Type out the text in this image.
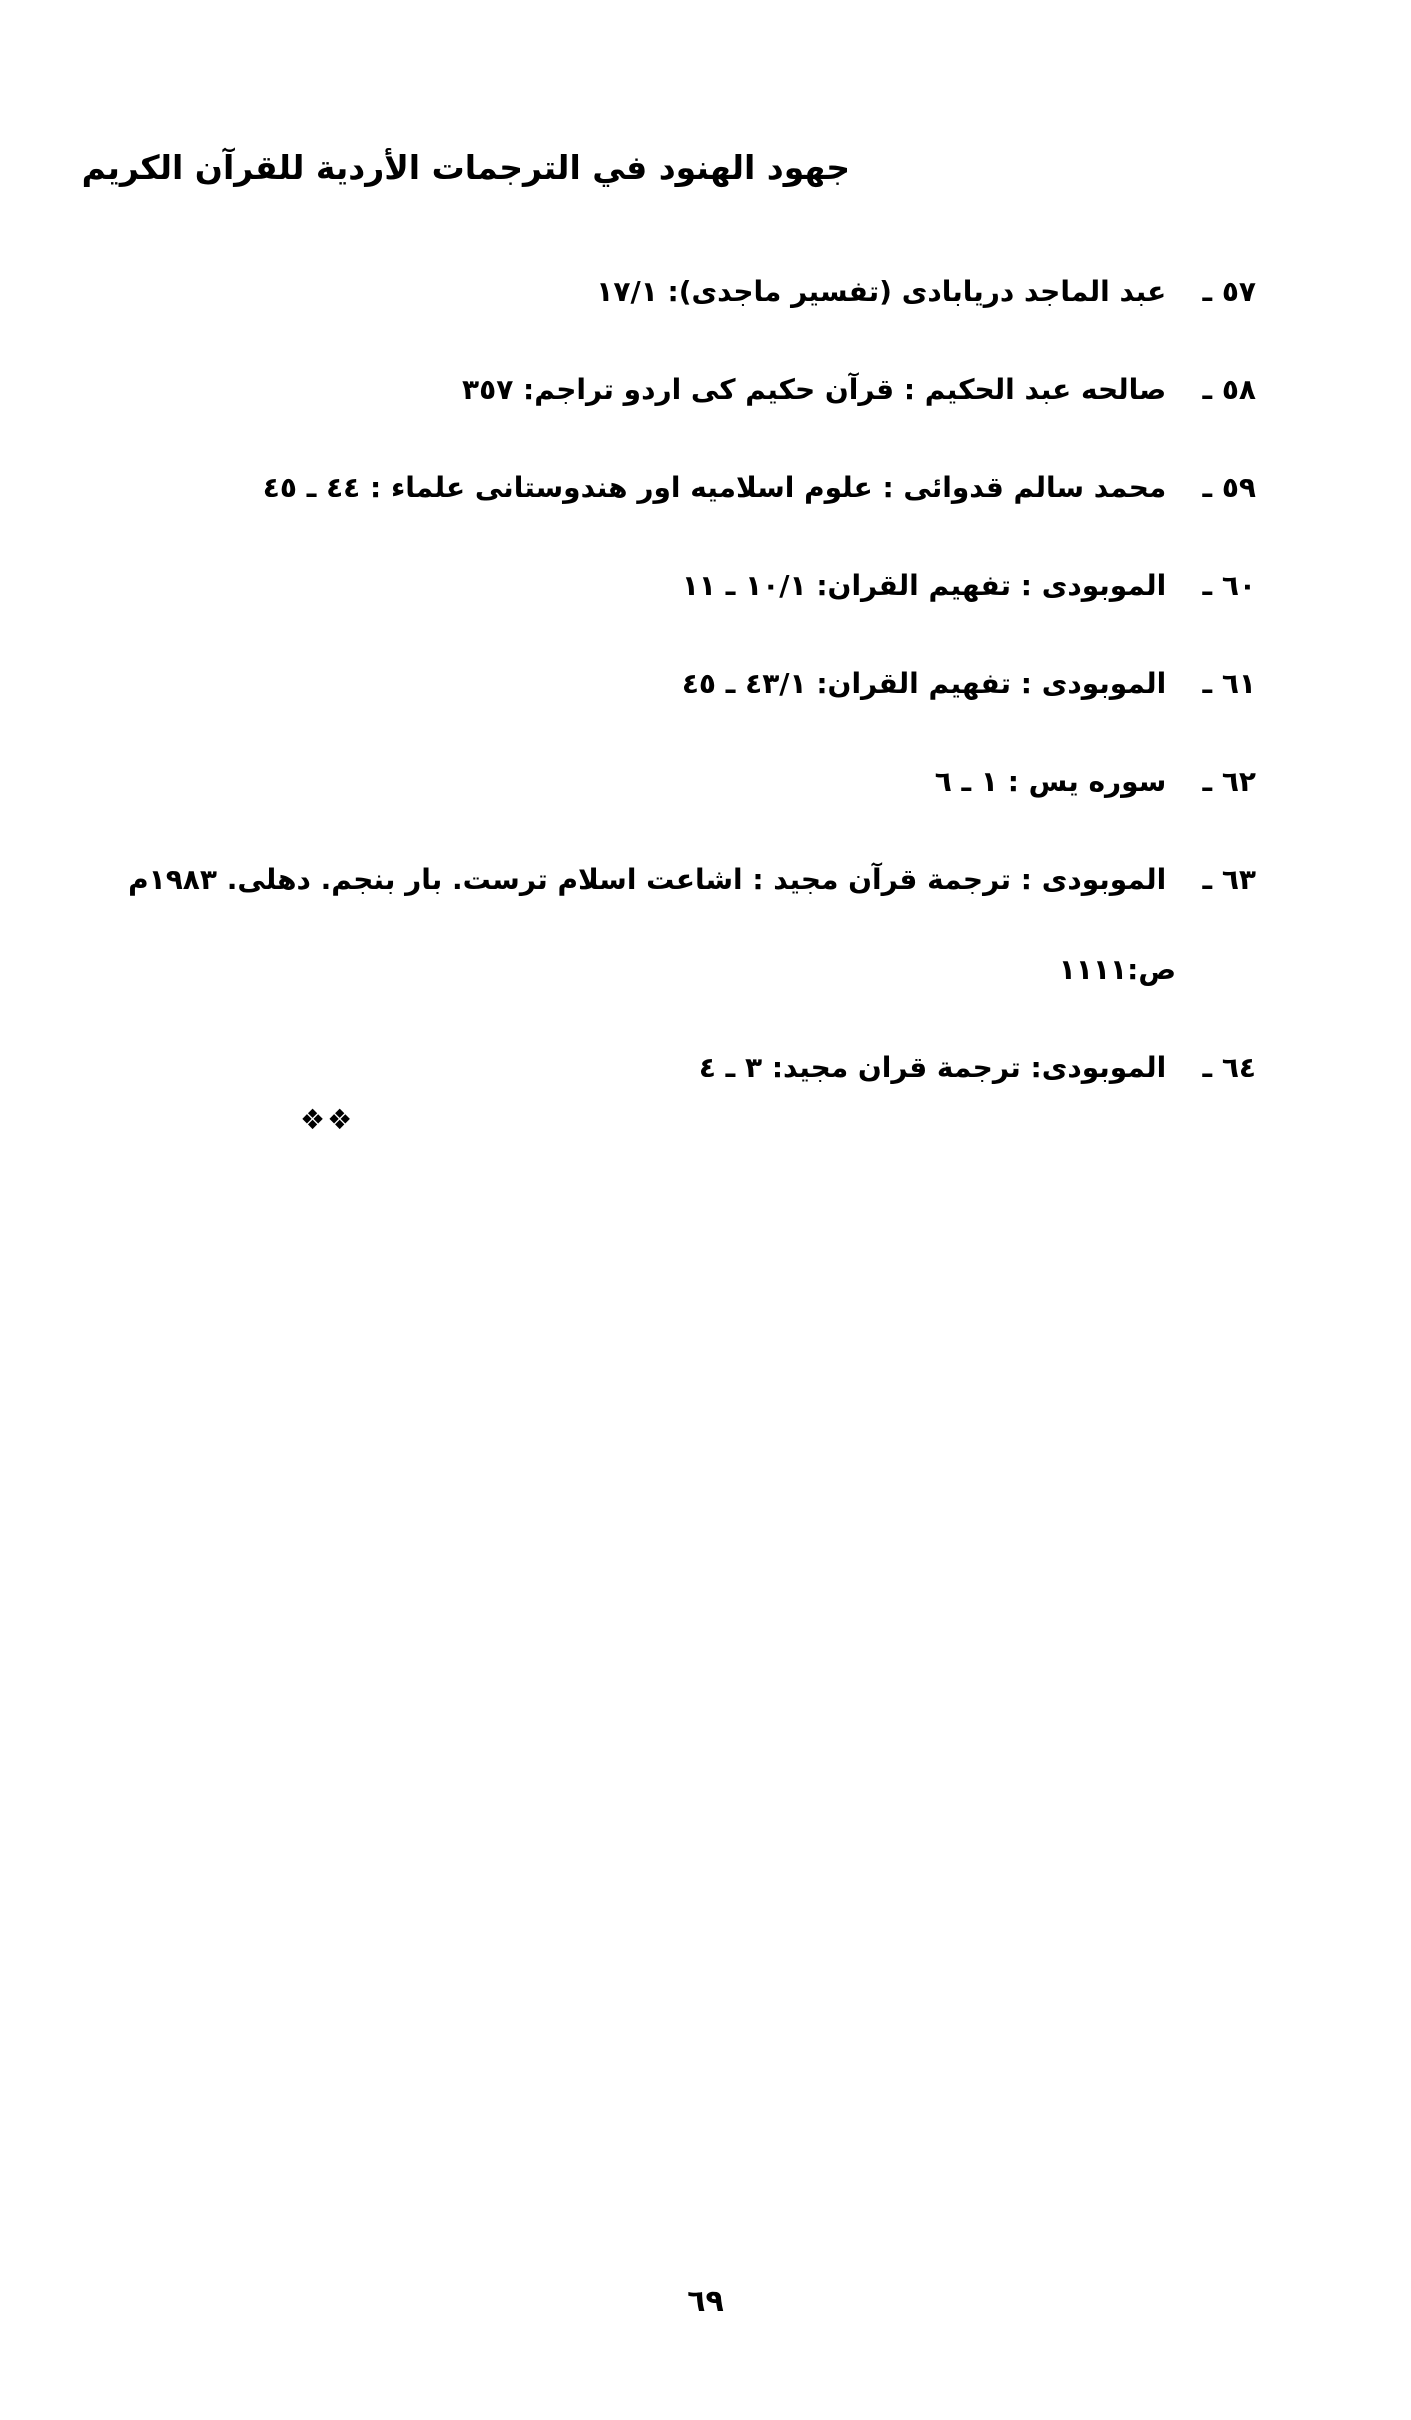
جهود الهنود في الترجمات الأردية للقرآن الكريم
٥٧ ـ عبد الماجد دريابادى (تفسير ماجدى): ١٧/١
٥٨ ـ صالحه عبد الحكيم : قرآن حكيم كى اردو تراجم: ٣٥٧
٥٩ ـ محمد سالم قدوائى : علوم اسلاميه اور هندوستانى علماء : ٤٤ ـ ٤٥
٦٠ ـ الموبودى : تفهيم القران: ١٠/١ ـ ١١
٦١ ـ الموبودى : تفهيم القران: ٤٣/١ ـ ٤٥
٦٢ ـ سوره يس : ١ ـ ٦
٦٣ ـ الموبودى : ترجمة قرآن مجيد : اشاعت اسلام ترست. بار بنجم. دهلى. ١٩٨٣م
ص:١١١١
٦٤ ـ الموبودى: ترجمة قران مجيد: ٣ ـ ٤
❖❖
٦٩
